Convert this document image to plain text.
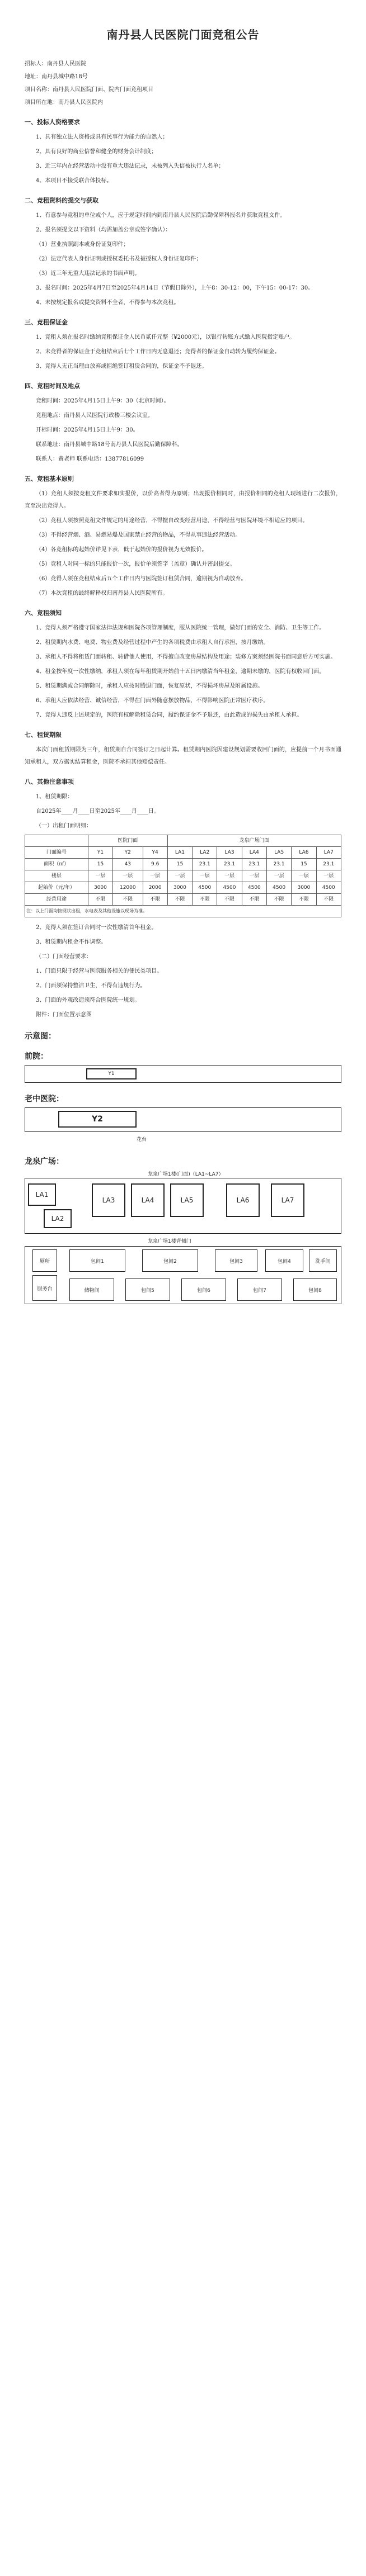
南丹县人民医院门面竞租公告

招标人：南丹县人民医院

地址：南丹县城中路18号

项目名称：南丹县人民医院门面、院内门面竞租项目

项目所在地：南丹县人民医院内

一、投标人资格要求

1、具有独立法人资格或具有民事行为能力的自然人；

2、具有良好的商业信誉和健全的财务会计制度；

3、近三年内在经营活动中没有重大违法记录，未被列入失信被执行人名单；

4、本项目不接受联合体投标。

二、竞租资料的提交与获取

1、有意参与竞租的单位或个人，应于规定时间内到南丹县人民医院后勤保障科报名并获取竞租文件。

2、报名须提交以下资料（均需加盖公章或签字确认）：

（1）营业执照副本或身份证复印件；

（2）法定代表人身份证明或授权委托书及被授权人身份证复印件；

（3）近三年无重大违法记录的书面声明。

3、报名时间：2025年4月7日至2025年4月14日（节假日除外），上午8：30-12：00，下午15：00-17：30。

4、未按规定报名或提交资料不全者，不得参与本次竞租。

三、竞租保证金

1、竞租人须在报名时缴纳竞租保证金人民币贰仟元整（¥2000元），以银行转账方式缴入医院指定账户。

2、未竞得者的保证金于竞租结束后七个工作日内无息退还；竞得者的保证金自动转为履约保证金。

3、竞得人无正当理由放弃或拒绝签订租赁合同的，保证金不予退还。

四、竞租时间及地点

竞租时间：2025年4月15日上午9：30（北京时间）。

竞租地点：南丹县人民医院行政楼三楼会议室。

开标时间：2025年4月15日上午9：30。

联系地址：南丹县城中路18号南丹县人民医院后勤保障科。

联系人：黄老师 联系电话：13877816099

五、竞租基本原则

（1）竞租人须按竞租文件要求如实报价，以价高者得为原则；出现报价相同时，由报价相同的竞租人现场进行二次报价，直至决出竞得人。

（2）竞租人须按照竞租文件规定的用途经营，不得擅自改变经营用途，不得经营与医院环境不相适应的项目。

（3）不得经营烟、酒、易燃易爆及国家禁止经营的物品，不得从事违法经营活动。

（4）各竞租标的起始价详见下表，低于起始价的报价视为无效报价。

（5）竞租人对同一标的只能报价一次，报价单须签字（盖章）确认并密封提交。

（6）竞得人须在竞租结束后五个工作日内与医院签订租赁合同，逾期视为自动放弃。

（7）本次竞租的最终解释权归南丹县人民医院所有。

六、竞租须知

1、竞得人须严格遵守国家法律法规和医院各项管理制度，服从医院统一管理，做好门面的安全、消防、卫生等工作。

2、租赁期内水费、电费、物业费及经营过程中产生的各项税费由承租人自行承担，按月缴纳。

3、承租人不得将租赁门面转租、转借他人使用，不得擅自改变房屋结构及用途；装修方案须经医院书面同意后方可实施。

4、租金按年度一次性缴纳，承租人须在每年租赁期开始前十五日内缴清当年租金，逾期未缴的，医院有权收回门面。

5、租赁期满或合同解除时，承租人应按时腾退门面，恢复原状，不得损坏房屋及附属设施。

6、承租人应依法经营、诚信经营，不得在门面外随意摆放物品，不得影响医院正常医疗秩序。

7、竞得人违反上述规定的，医院有权解除租赁合同，履约保证金不予退还，由此造成的损失由承租人承担。

七、租赁期限

本次门面租赁期限为三年，租赁期自合同签订之日起计算。租赁期内医院因建设规划需要收回门面的，应提前一个月书面通知承租人，双方据实结算租金，医院不承担其他赔偿责任。

八、其他注意事项

1、租赁期限：

自2025年____月____日至2025年____月____日。

（一）出租门面明细：

	医院门面			龙泉广场门面						
门面编号	Y1	Y2	Y4	LA1	LA2	LA3	LA4	LA5	LA6	LA7
面积（㎡）	15	43	9.6	15	23.1	23.1	23.1	23.1	15	23.1
楼层	一层	一层	一层	一层	一层	一层	一层	一层	一层	一层
起始价（元/年）	3000	12000	2000	3000	4500	4500	4500	4500	3000	4500
经营用途	不限	不限	不限	不限	不限	不限	不限	不限	不限	不限
注：以上门面均按现状出租，水电表及其他设施以现场为准。										

2、竞得人须在签订合同时一次性缴清首年租金。

3、租赁期内租金不作调整。

（二）门面经营要求：

1、门面只限于经营与医院服务相关的便民类项目。

2、门面须保持整洁卫生，不得有违规行为。

3、门面的外观改造须符合医院统一规划。

附件：门面位置示意图

示意图：
前院：
Y1
老中医院：
Y2
花台
龙泉广场：
龙泉广场1楼(门面)（LA1~LA7）
LA1
LA2
LA3	LA4	LA5	LA6	LA7
龙泉广场1楼背侧门
厕所	包间1	包间2	包间3	包间4	洗手间
服务台	储物间	包间5	包间6	包间7	包间8
